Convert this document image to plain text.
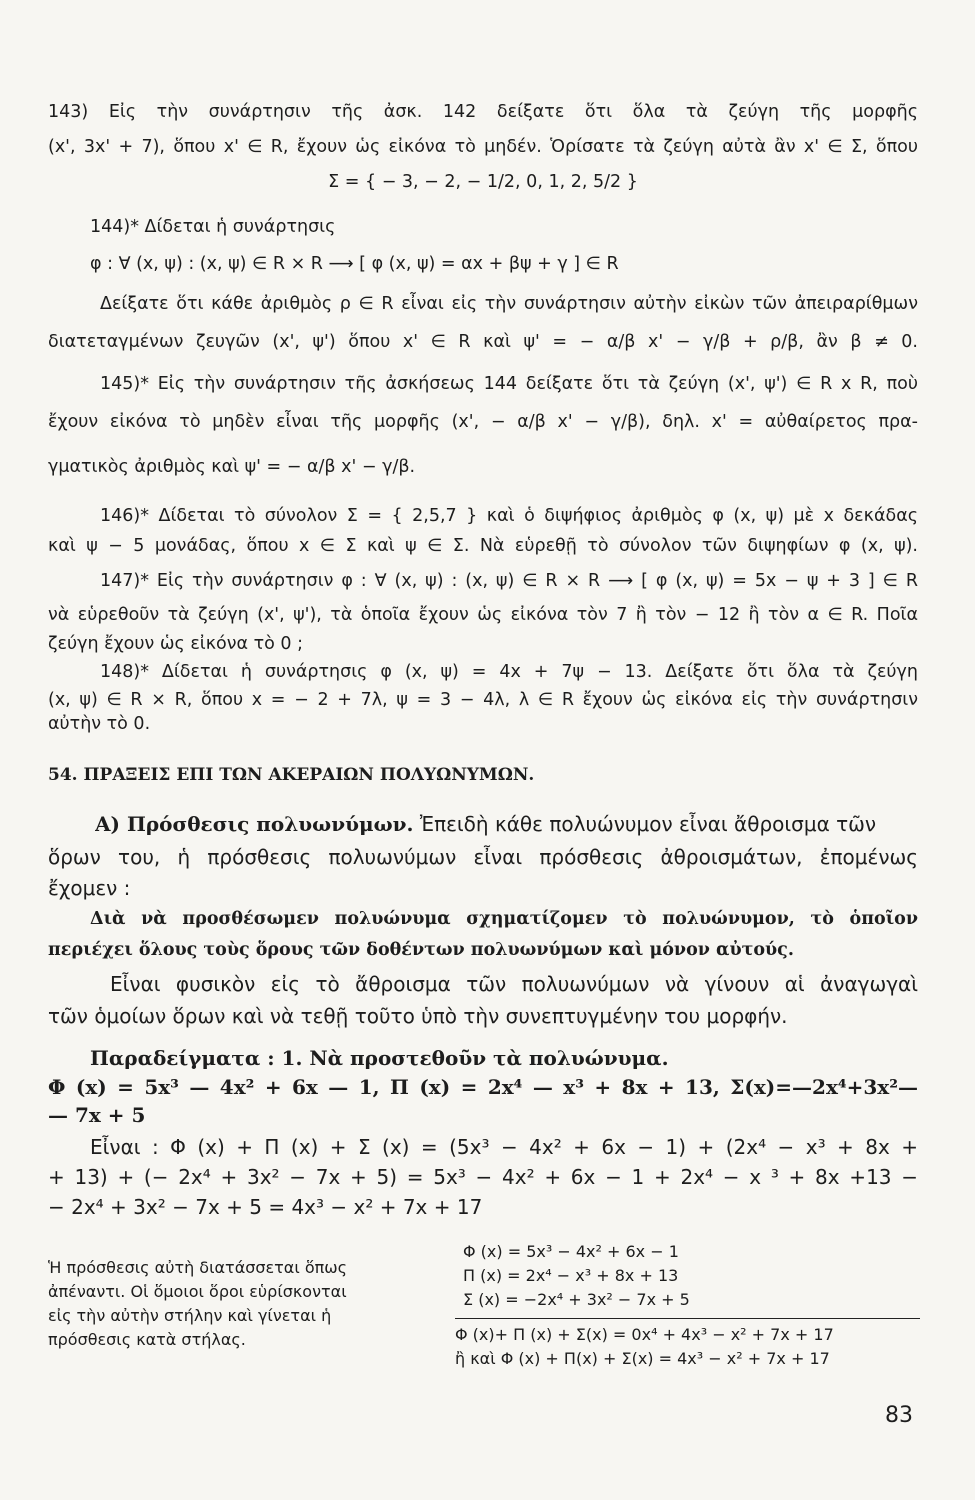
143) Εἰς τὴν συνάρτησιν τῆς ἀσκ. 142 δείξατε ὅτι ὅλα τὰ ζεύγη τῆς μορφῆς
(x', 3x' + 7), ὅπου x' ∈ R, ἔχουν ὡς εἰκόνα τὸ μηδέν. Ὁρίσατε τὰ ζεύγη αὐτὰ ἂν x' ∈ Σ, ὅπου
Σ = { − 3, − 2, − 1/2, 0, 1, 2, 5/2 }
144)* Δίδεται ἡ συνάρτησις
φ : ∀ (x, ψ) : (x, ψ) ∈ R × R ⟶ [ φ (x, ψ) = αx + βψ + γ ] ∈ R
Δείξατε ὅτι κάθε ἀριθμὸς ρ ∈ R εἶναι εἰς τὴν συνάρτησιν αὐτὴν εἰκὼν τῶν ἀπειραρίθμων
διατεταγμένων ζευγῶν (x', ψ') ὅπου x' ∈ R καὶ ψ' = − α/β x' − γ/β + ρ/β, ἂν β ≠ 0.
145)* Εἰς τὴν συνάρτησιν τῆς ἀσκήσεως 144 δείξατε ὅτι τὰ ζεύγη (x', ψ') ∈ R x R, ποὺ
ἔχουν εἰκόνα τὸ μηδὲν εἶναι τῆς μορφῆς (x', − α/β x' − γ/β), δηλ. x' = αὐθαίρετος πρα-
γματικὸς ἀριθμὸς καὶ ψ' = − α/β x' − γ/β.
146)* Δίδεται τὸ σύνολον Σ = { 2,5,7 } καὶ ὁ διψήφιος ἀριθμὸς φ (x, ψ) μὲ x δεκάδας
καὶ ψ − 5 μονάδας, ὅπου x ∈ Σ καὶ ψ ∈ Σ. Νὰ εὑρεθῇ τὸ σύνολον τῶν διψηφίων φ (x, ψ).
147)* Εἰς τὴν συνάρτησιν φ : ∀ (x, ψ) : (x, ψ) ∈ R × R ⟶ [ φ (x, ψ) = 5x − ψ + 3 ] ∈ R
νὰ εὑρεθοῦν τὰ ζεύγη (x', ψ'), τὰ ὁποῖα ἔχουν ὡς εἰκόνα τὸν 7 ἢ τὸν − 12 ἢ τὸν α ∈ R. Ποῖα
ζεύγη ἔχουν ὡς εἰκόνα τὸ 0 ;
148)* Δίδεται ἡ συνάρτησις φ (x, ψ) = 4x + 7ψ − 13. Δείξατε ὅτι ὅλα τὰ ζεύγη
(x, ψ) ∈ R × R, ὅπου x = − 2 + 7λ, ψ = 3 − 4λ, λ ∈ R ἔχουν ὡς εἰκόνα εἰς τὴν συνάρτησιν
αὐτὴν τὸ 0.
54. ΠΡΑΞΕΙΣ ΕΠΙ ΤΩΝ ΑΚΕΡΑΙΩΝ ΠΟΛΥΩΝΥΜΩΝ.
Α) Πρόσθεσις πολυωνύμων. Ἐπειδὴ κάθε πολυώνυμον εἶναι ἄθροισμα τῶν
ὅρων του, ἡ πρόσθεσις πολυωνύμων εἶναι πρόσθεσις ἀθροισμάτων, ἐπομένως
ἔχομεν :
Διὰ νὰ προσθέσωμεν πολυώνυμα σχηματίζομεν τὸ πολυώνυμον, τὸ ὁποῖον
περιέχει ὅλους τοὺς ὅρους τῶν δοθέντων πολυωνύμων καὶ μόνον αὐτούς.
Εἶναι φυσικὸν εἰς τὸ ἄθροισμα τῶν πολυωνύμων νὰ γίνουν αἱ ἀναγωγαὶ
τῶν ὁμοίων ὅρων καὶ νὰ τεθῇ τοῦτο ὑπὸ τὴν συνεπτυγμένην του μορφήν.
Παραδείγματα : 1. Νὰ προστεθοῦν τὰ πολυώνυμα.
Φ (x) = 5x³ — 4x² + 6x — 1, Π (x) = 2x⁴ — x³ + 8x + 13, Σ(x)=—2x⁴+3x²—
— 7x + 5
Εἶναι : Φ (x) + Π (x) + Σ (x) = (5x³ − 4x² + 6x − 1) + (2x⁴ − x³ + 8x +
+ 13) + (− 2x⁴ + 3x² − 7x + 5) = 5x³ − 4x² + 6x − 1 + 2x⁴ − x ³ + 8x +13 −
− 2x⁴ + 3x² − 7x + 5 = 4x³ − x² + 7x + 17
Ἡ πρόσθεσις αὐτὴ διατάσσεται ὅπως
ἀπέναντι. Οἱ ὅμοιοι ὅροι εὑρίσκονται
εἰς τὴν αὐτὴν στήλην καὶ γίνεται ἡ
πρόσθεσις κατὰ στήλας.
Φ (x) = 5x³ − 4x² + 6x − 1
Π (x) = 2x⁴ − x³ + 8x + 13
Σ (x) = −2x⁴ + 3x² − 7x + 5
Φ (x)+ Π (x) + Σ(x) = 0x⁴ + 4x³ − x² + 7x + 17
ἢ καὶ Φ (x) + Π(x) + Σ(x) = 4x³ − x² + 7x + 17
83
